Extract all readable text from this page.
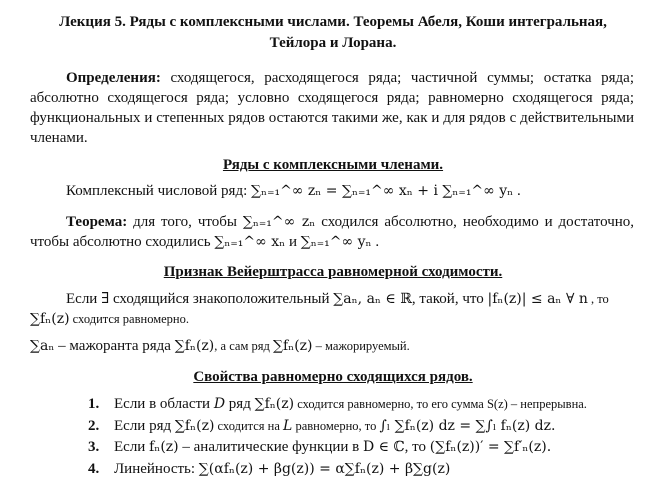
Лекция 5. Ряды с комплексными числами. Теоремы Абеля, Коши интегральная,
Тейлора и Лорана.
Определения: сходящегося, расходящегося ряда; частичной суммы; остатка ряда; абсолютно сходящегося ряда; условно сходящегося ряда; равномерно сходящегося ряда; функциональных и степенных рядов остаются такими же, как и для рядов с действительными членами.
Ряды с комплексными членами.
Комплексный числовой ряд: ∑ₙ₌₁^∞ zₙ = ∑ₙ₌₁^∞ xₙ + i ∑ₙ₌₁^∞ yₙ .
Теорема: для того, чтобы ∑ₙ₌₁^∞ zₙ сходился абсолютно, необходимо и достаточно, чтобы абсолютно сходились ∑ₙ₌₁^∞ xₙ и ∑ₙ₌₁^∞ yₙ .
Признак Вейерштрасса равномерной сходимости.
Если ∃ сходящийся знакоположительный ∑aₙ, aₙ ∈ ℝ, такой, что |fₙ(z)| ≤ aₙ ∀ n , то ∑fₙ(z) сходится равномерно.
∑aₙ – мажоранта ряда ∑fₙ(z), а сам ряд ∑fₙ(z) – мажорируемый.
Свойства равномерно сходящихся рядов.
1. Если в области D ряд ∑fₙ(z) сходится равномерно, то его сумма S(z) – непрерывна.
2. Если ряд ∑fₙ(z) сходится на L равномерно, то ∫ₗ ∑fₙ(z) dz = ∑∫ₗ fₙ(z) dz.
3. Если fₙ(z) – аналитические функции в D ∈ ℂ, то (∑fₙ(z))′ = ∑f′ₙ(z).
4. Линейность: ∑(αfₙ(z) + βg(z)) = α∑fₙ(z) + β∑g(z)
